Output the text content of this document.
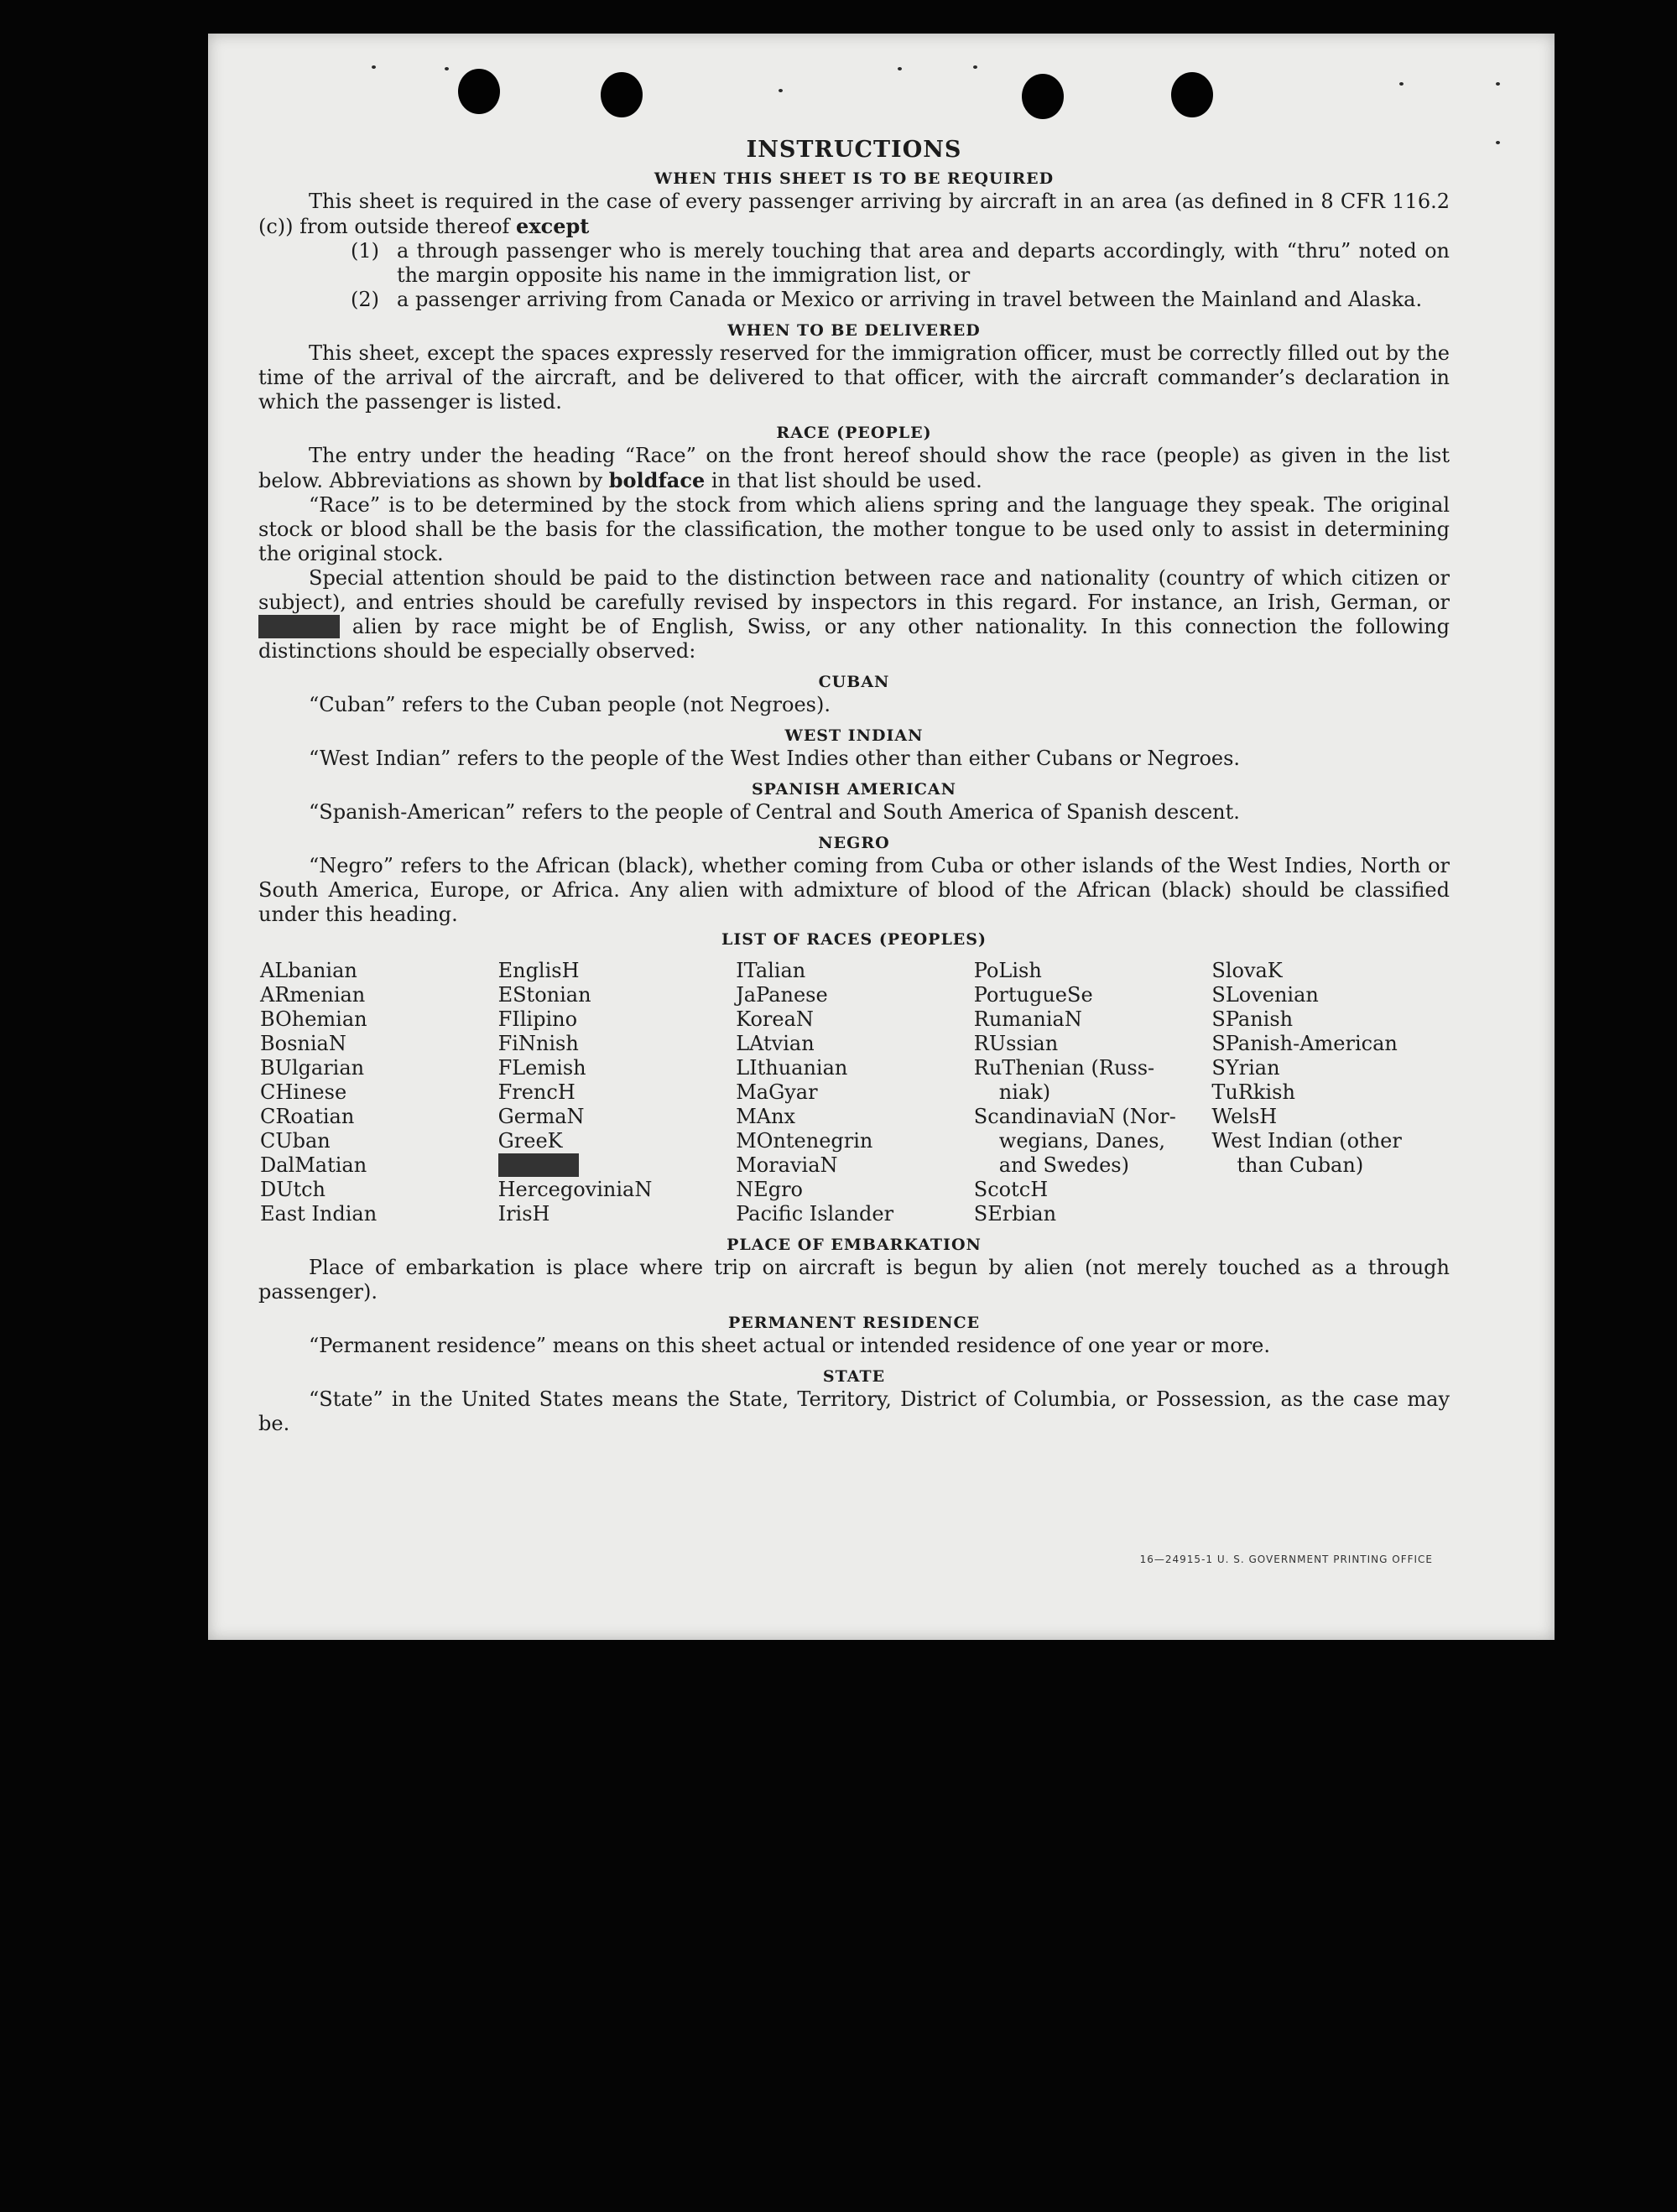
INSTRUCTIONS
WHEN THIS SHEET IS TO BE REQUIRED

This sheet is required in the case of every passenger arriving by aircraft in an area (as defined in 8 CFR 116.2 (c)) from outside thereof except

(1) a through passenger who is merely touching that area and departs accordingly, with “thru” noted on the margin opposite his name in the immigration list, or
(2) a passenger arriving from Canada or Mexico or arriving in travel between the Mainland and Alaska.
WHEN TO BE DELIVERED

This sheet, except the spaces expressly reserved for the immigration officer, must be correctly filled out by the time of the arrival of the aircraft, and be delivered to that officer, with the aircraft commander’s declaration in which the passenger is listed.

RACE (PEOPLE)

The entry under the heading “Race” on the front hereof should show the race (people) as given in the list below. Abbreviations as shown by boldface in that list should be used.

“Race” is to be determined by the stock from which aliens spring and the language they speak. The original stock or blood shall be the basis for the classification, the mother tongue to be used only to assist in determining the original stock.

Special attention should be paid to the distinction between race and nationality (country of which citizen or subject), and entries should be carefully revised by inspectors in this regard. For instance, an Irish, German, or alien by race might be of English, Swiss, or any other nationality. In this connection the following distinctions should be especially observed:

CUBAN

“Cuban” refers to the Cuban people (not Negroes).

WEST INDIAN

“West Indian” refers to the people of the West Indies other than either Cubans or Negroes.

SPANISH AMERICAN

“Spanish-American” refers to the people of Central and South America of Spanish descent.

NEGRO

“Negro” refers to the African (black), whether coming from Cuba or other islands of the West Indies, North or South America, Europe, or Africa. Any alien with admixture of blood of the African (black) should be classified under this heading.

LIST OF RACES (PEOPLES)
ALbanian
ARmenian
BOhemian
BosniaN
BUlgarian
CHinese
CRoatian
CUban
DalMatian
DUtch
East Indian
EnglisH
EStonian
FIlipino
FiNnish
FLemish
FrencH
GermaN
GreeK
HercegoviniaN
IrisH
ITalian
JaPanese
KoreaN
LAtvian
LIthuanian
MaGyar
MAnx
MOntenegrin
MoraviaN
NEgro
Pacific Islander
PoLish
PortugueSe
RumaniaN
RUssian
RuThenian (Russ-
niak)
ScandinaviaN (Nor-
wegians, Danes,
and Swedes)
ScotcH
SErbian
SlovaK
SLovenian
SPanish
SPanish-American
SYrian
TuRkish
WelsH
West Indian (other
than Cuban)
PLACE OF EMBARKATION

Place of embarkation is place where trip on aircraft is begun by alien (not merely touched as a through passenger).

PERMANENT RESIDENCE

“Permanent residence” means on this sheet actual or intended residence of one year or more.

STATE

“State” in the United States means the State, Territory, District of Columbia, or Possession, as the case may be.

16—24915-1 U. S. GOVERNMENT PRINTING OFFICE
